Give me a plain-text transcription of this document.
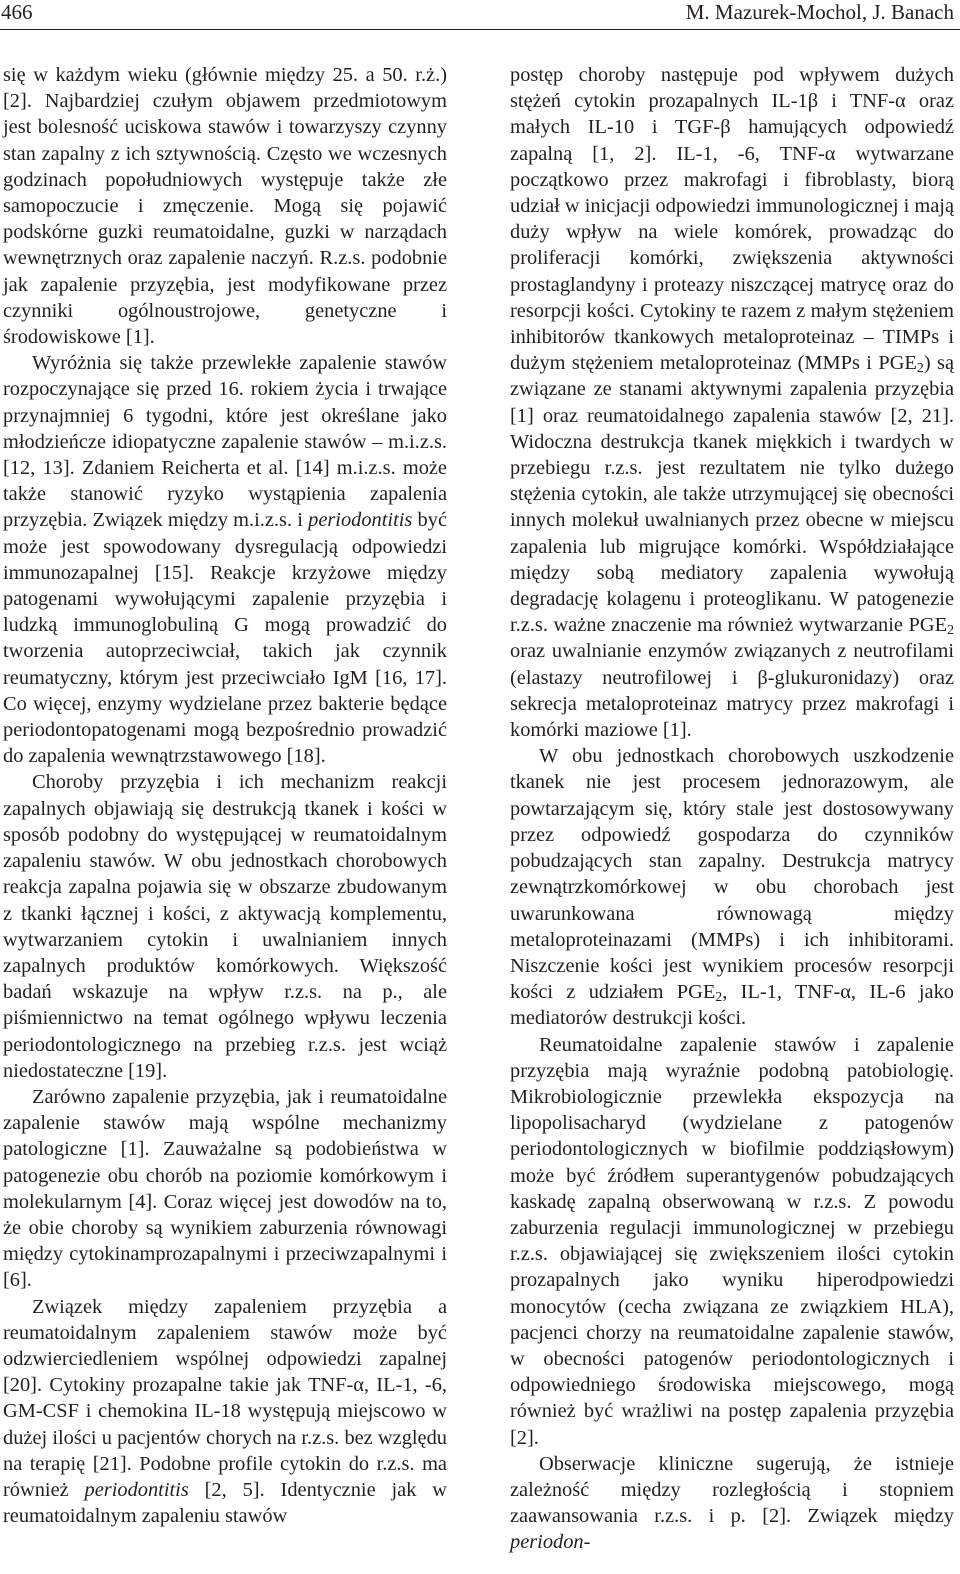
466	M. Mazurek-Mochol, J. Banach

się w każdym wieku (głównie między 25. a 50. r.ż.) [2]. Najbardziej czułym objawem przedmiotowym jest bolesność uciskowa stawów i towarzyszy czynny stan zapalny z ich sztywnością. Często we wczesnych godzinach popołudniowych występuje także złe samopoczucie i zmęczenie. Mogą się pojawić podskórne guzki reumatoidalne, guzki w narządach wewnętrznych oraz zapalenie naczyń. R.z.s. podobnie jak zapalenie przyzębia, jest modyfikowane przez czynniki ogólnoustrojowe, genetyczne i środowiskowe [1].

Wyróżnia się także przewlekłe zapalenie stawów rozpoczynające się przed 16. rokiem życia i trwające przynajmniej 6 tygodni, które jest określane jako młodzieńcze idiopatyczne zapalenie stawów – m.i.z.s. [12, 13]. Zdaniem Reicherta et al. [14] m.i.z.s. może także stanowić ryzyko wystąpienia zapalenia przyzębia. Związek między m.i.z.s. i periodontitis być może jest spowodowany dysregulacją odpowiedzi immunozapalnej [15]. Reakcje krzyżowe między patogenami wywołującymi zapalenie przyzębia i ludzką immunoglobuliną G mogą prowadzić do tworzenia autoprzeciwciał, takich jak czynnik reumatyczny, którym jest przeciwciało IgM [16, 17]. Co więcej, enzymy wydzielane przez bakterie będące periodontopatogenami mogą bezpośrednio prowadzić do zapalenia wewnątrzstawowego [18].

Choroby przyzębia i ich mechanizm reakcji zapalnych objawiają się destrukcją tkanek i kości w sposób podobny do występującej w reumatoidalnym zapaleniu stawów. W obu jednostkach chorobowych reakcja zapalna pojawia się w obszarze zbudowanym z tkanki łącznej i kości, z aktywacją komplementu, wytwarzaniem cytokin i uwalnianiem innych zapalnych produktów komórkowych. Większość badań wskazuje na wpływ r.z.s. na p., ale piśmiennictwo na temat ogólnego wpływu leczenia periodontologicznego na przebieg r.z.s. jest wciąż niedostateczne [19].

Zarówno zapalenie przyzębia, jak i reumatoidalne zapalenie stawów mają wspólne mechanizmy patologiczne [1]. Zauważalne są podobieństwa w patogenezie obu chorób na poziomie komórkowym i molekularnym [4]. Coraz więcej jest dowodów na to, że obie choroby są wynikiem zaburzenia równowagi między cytokinamprozapalnymi i przeciwzapalnymi i [6].

Związek między zapaleniem przyzębia a reumatoidalnym zapaleniem stawów może być odzwierciedleniem wspólnej odpowiedzi zapalnej [20]. Cytokiny prozapalne takie jak TNF-α, IL-1, -6, GM-CSF i chemokina IL-18 występują miejscowo w dużej ilości u pacjentów chorych na r.z.s. bez względu na terapię [21]. Podobne profile cytokin do r.z.s. ma również periodontitis [2, 5]. Identycznie jak w reumatoidalnym zapaleniu stawów

postęp choroby następuje pod wpływem dużych stężeń cytokin prozapalnych IL-1β i TNF-α oraz małych IL-10 i TGF-β hamujących odpowiedź zapalną [1, 2]. IL-1, -6, TNF-α wytwarzane początkowo przez makrofagi i fibroblasty, biorą udział w inicjacji odpowiedzi immunologicznej i mają duży wpływ na wiele komórek, prowadząc do proliferacji komórki, zwiększenia aktywności prostaglandyny i proteazy niszczącej matrycę oraz do resorpcji kości. Cytokiny te razem z małym stężeniem inhibitorów tkankowych metaloproteinaz – TIMPs i dużym stężeniem metaloproteinaz (MMPs i $PGE_2$) są związane ze stanami aktywnymi zapalenia przyzębia [1] oraz reumatoidalnego zapalenia stawów [2, 21]. Widoczna destrukcja tkanek miękkich i twardych w przebiegu r.z.s. jest rezultatem nie tylko dużego stężenia cytokin, ale także utrzymującej się obecności innych molekuł uwalnianych przez obecne w miejscu zapalenia lub migrujące komórki. Współdziałające między sobą mediatory zapalenia wywołują degradację kolagenu i proteoglikanu. W patogenezie r.z.s. ważne znaczenie ma również wytwarzanie $PGE_2$ oraz uwalnianie enzymów związanych z neutrofilami (elastazy neutrofilowej i β-glukuronidazy) oraz sekrecja metaloproteinaz matrycy przez makrofagi i komórki maziowe [1].

W obu jednostkach chorobowych uszkodzenie tkanek nie jest procesem jednorazowym, ale powtarzającym się, który stale jest dostosowywany przez odpowiedź gospodarza do czynników pobudzających stan zapalny. Destrukcja matrycy zewnątrzkomórkowej w obu chorobach jest uwarunkowana równowagą między metaloproteinazami (MMPs) i ich inhibitorami. Niszczenie kości jest wynikiem procesów resorpcji kości z udziałem $PGE_2$, IL-1, TNF-α, IL-6 jako mediatorów destrukcji kości.

Reumatoidalne zapalenie stawów i zapalenie przyzębia mają wyraźnie podobną patobiologię. Mikrobiologicznie przewlekła ekspozycja na lipopolisacharyd (wydzielane z patogenów periodontologicznych w biofilmie poddziąsłowym) może być źródłem superantygenów pobudzających kaskadę zapalną obserwowaną w r.z.s. Z powodu zaburzenia regulacji immunologicznej w przebiegu r.z.s. objawiającej się zwiększeniem ilości cytokin prozapalnych jako wyniku hiperodpowiedzi monocytów (cecha związana ze związkiem HLA), pacjenci chorzy na reumatoidalne zapalenie stawów, w obecności patogenów periodontologicznych i odpowiedniego środowiska miejscowego, mogą również być wrażliwi na postęp zapalenia przyzębia [2].

Obserwacje kliniczne sugerują, że istnieje zależność między rozległością i stopniem zaawansowania r.z.s. i p. [2]. Związek między periodon-
